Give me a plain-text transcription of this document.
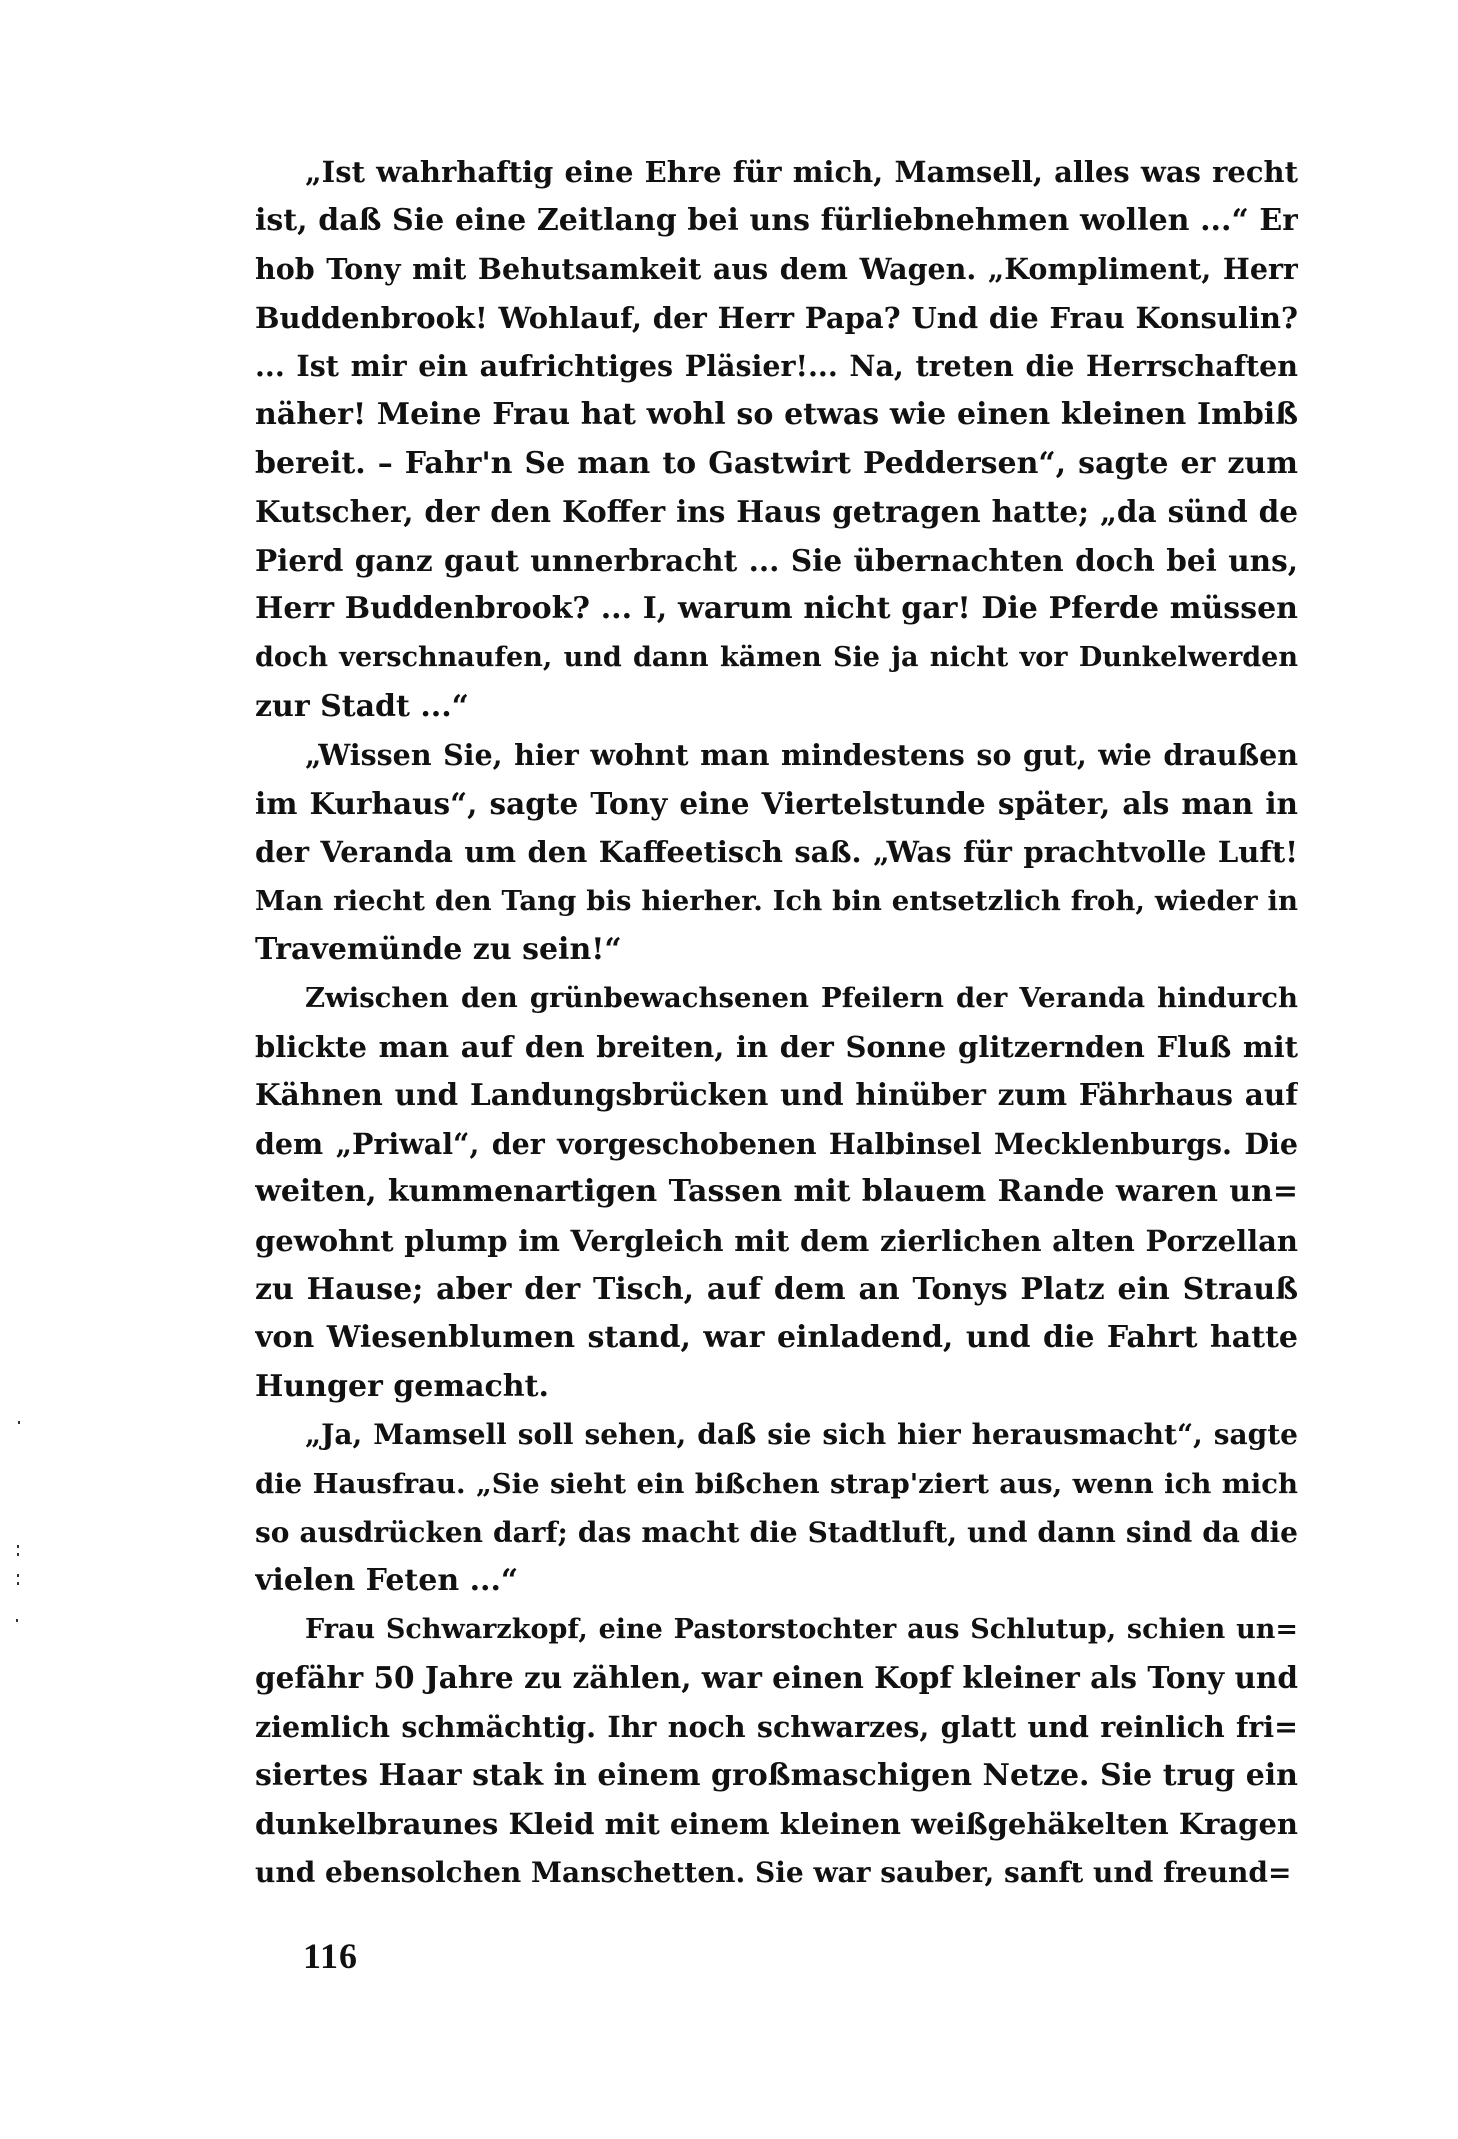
„Ist wahrhaftig eine Ehre für mich, Mamsell, alles was recht
ist, daß Sie eine Zeitlang bei uns fürliebnehmen wollen ...“ Er
hob Tony mit Behutsamkeit aus dem Wagen. „Kompliment, Herr
Buddenbrook! Wohlauf, der Herr Papa? Und die Frau Konsulin?
... Ist mir ein aufrichtiges Pläsier!... Na, treten die Herrschaften
näher! Meine Frau hat wohl so etwas wie einen kleinen Imbiß
bereit. – Fahr'n Se man to Gastwirt Peddersen“, sagte er zum
Kutscher, der den Koffer ins Haus getragen hatte; „da sünd de
Pierd ganz gaut unnerbracht ... Sie übernachten doch bei uns,
Herr Buddenbrook? ... I, warum nicht gar! Die Pferde müssen
doch verschnaufen, und dann kämen Sie ja nicht vor Dunkelwerden
zur Stadt ...“
„Wissen Sie, hier wohnt man mindestens so gut, wie draußen
im Kurhaus“, sagte Tony eine Viertelstunde später, als man in
der Veranda um den Kaffeetisch saß. „Was für prachtvolle Luft!
Man riecht den Tang bis hierher. Ich bin entsetzlich froh, wieder in
Travemünde zu sein!“
Zwischen den grünbewachsenen Pfeilern der Veranda hindurch
blickte man auf den breiten, in der Sonne glitzernden Fluß mit
Kähnen und Landungsbrücken und hinüber zum Fährhaus auf
dem „Priwal“, der vorgeschobenen Halbinsel Mecklenburgs. Die
weiten, kummenartigen Tassen mit blauem Rande waren un=
gewohnt plump im Vergleich mit dem zierlichen alten Porzellan
zu Hause; aber der Tisch, auf dem an Tonys Platz ein Strauß
von Wiesenblumen stand, war einladend, und die Fahrt hatte
Hunger gemacht.
„Ja, Mamsell soll sehen, daß sie sich hier herausmacht“, sagte
die Hausfrau. „Sie sieht ein bißchen strap'ziert aus, wenn ich mich
so ausdrücken darf; das macht die Stadtluft, und dann sind da die
vielen Feten ...“
Frau Schwarzkopf, eine Pastorstochter aus Schlutup, schien un=
gefähr 50 Jahre zu zählen, war einen Kopf kleiner als Tony und
ziemlich schmächtig. Ihr noch schwarzes, glatt und reinlich fri=
siertes Haar stak in einem großmaschigen Netze. Sie trug ein
dunkelbraunes Kleid mit einem kleinen weißgehäkelten Kragen
und ebensolchen Manschetten. Sie war sauber, sanft und freund=
116
